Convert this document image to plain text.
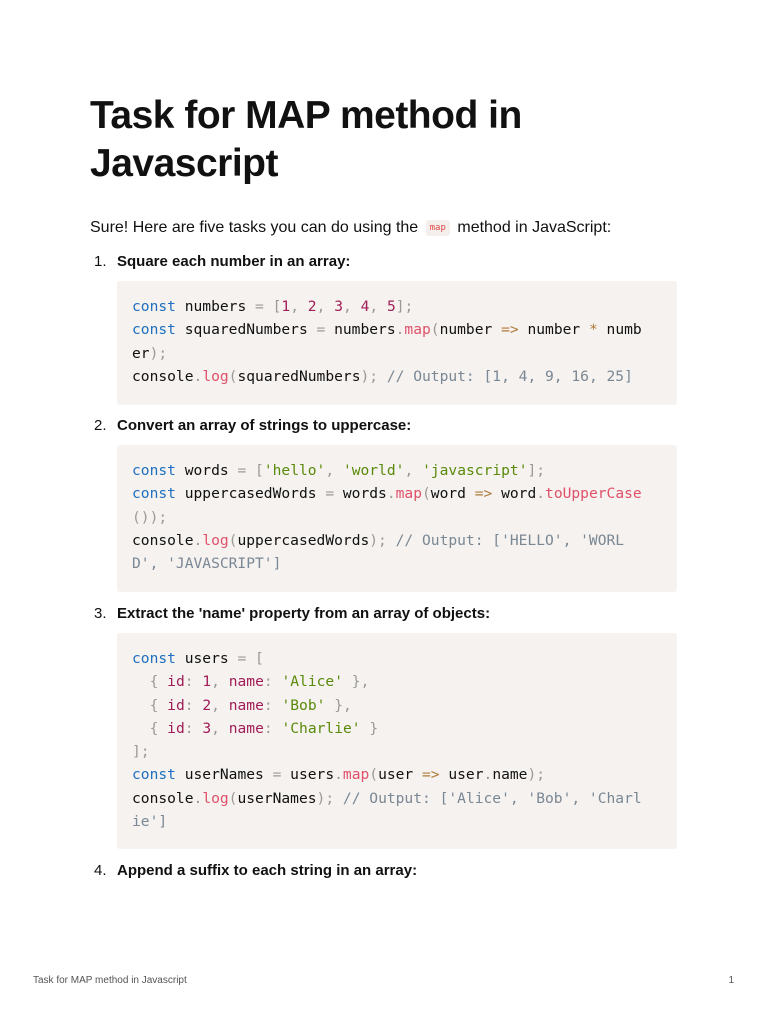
Task for MAP method in Javascript
Sure! Here are five tasks you can do using the map method in JavaScript:
1. Square each number in an array:
const numbers = [1, 2, 3, 4, 5];
const squaredNumbers = numbers.map(number => number * numb
er);
console.log(squaredNumbers); // Output: [1, 4, 9, 16, 25]
2. Convert an array of strings to uppercase:
const words = ['hello', 'world', 'javascript'];
const uppercasedWords = words.map(word => word.toUpperCase
());
console.log(uppercasedWords); // Output: ['HELLO', 'WORL
D', 'JAVASCRIPT']
3. Extract the 'name' property from an array of objects:
const users = [
{ id: 1, name: 'Alice' },
{ id: 2, name: 'Bob' },
{ id: 3, name: 'Charlie' }
];
const userNames = users.map(user => user.name);
console.log(userNames); // Output: ['Alice', 'Bob', 'Charl
ie']
4. Append a suffix to each string in an array:
Task for MAP method in Javascript	1
